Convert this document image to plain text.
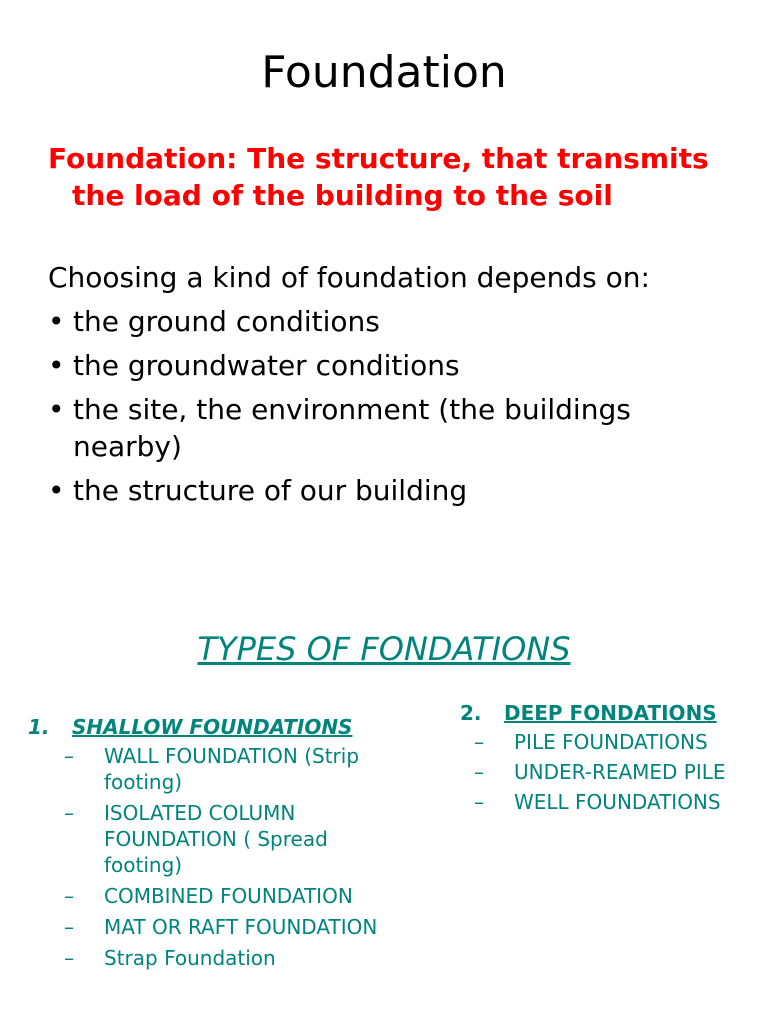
Foundation
Foundation: The structure, that transmits the load of the building to the soil
Choosing a kind of foundation depends on:
• the ground conditions
• the groundwater conditions
• the site, the environment (the buildings nearby)
• the structure of our building
TYPES OF FONDATIONS
1. SHALLOW FOUNDATIONS
– WALL FOUNDATION (Strip footing)
– ISOLATED COLUMN FOUNDATION ( Spread footing)
– COMBINED FOUNDATION
– MAT OR RAFT FOUNDATION
– Strap Foundation
2. DEEP FONDATIONS
– PILE FOUNDATIONS
– UNDER-REAMED PILE
– WELL FOUNDATIONS
